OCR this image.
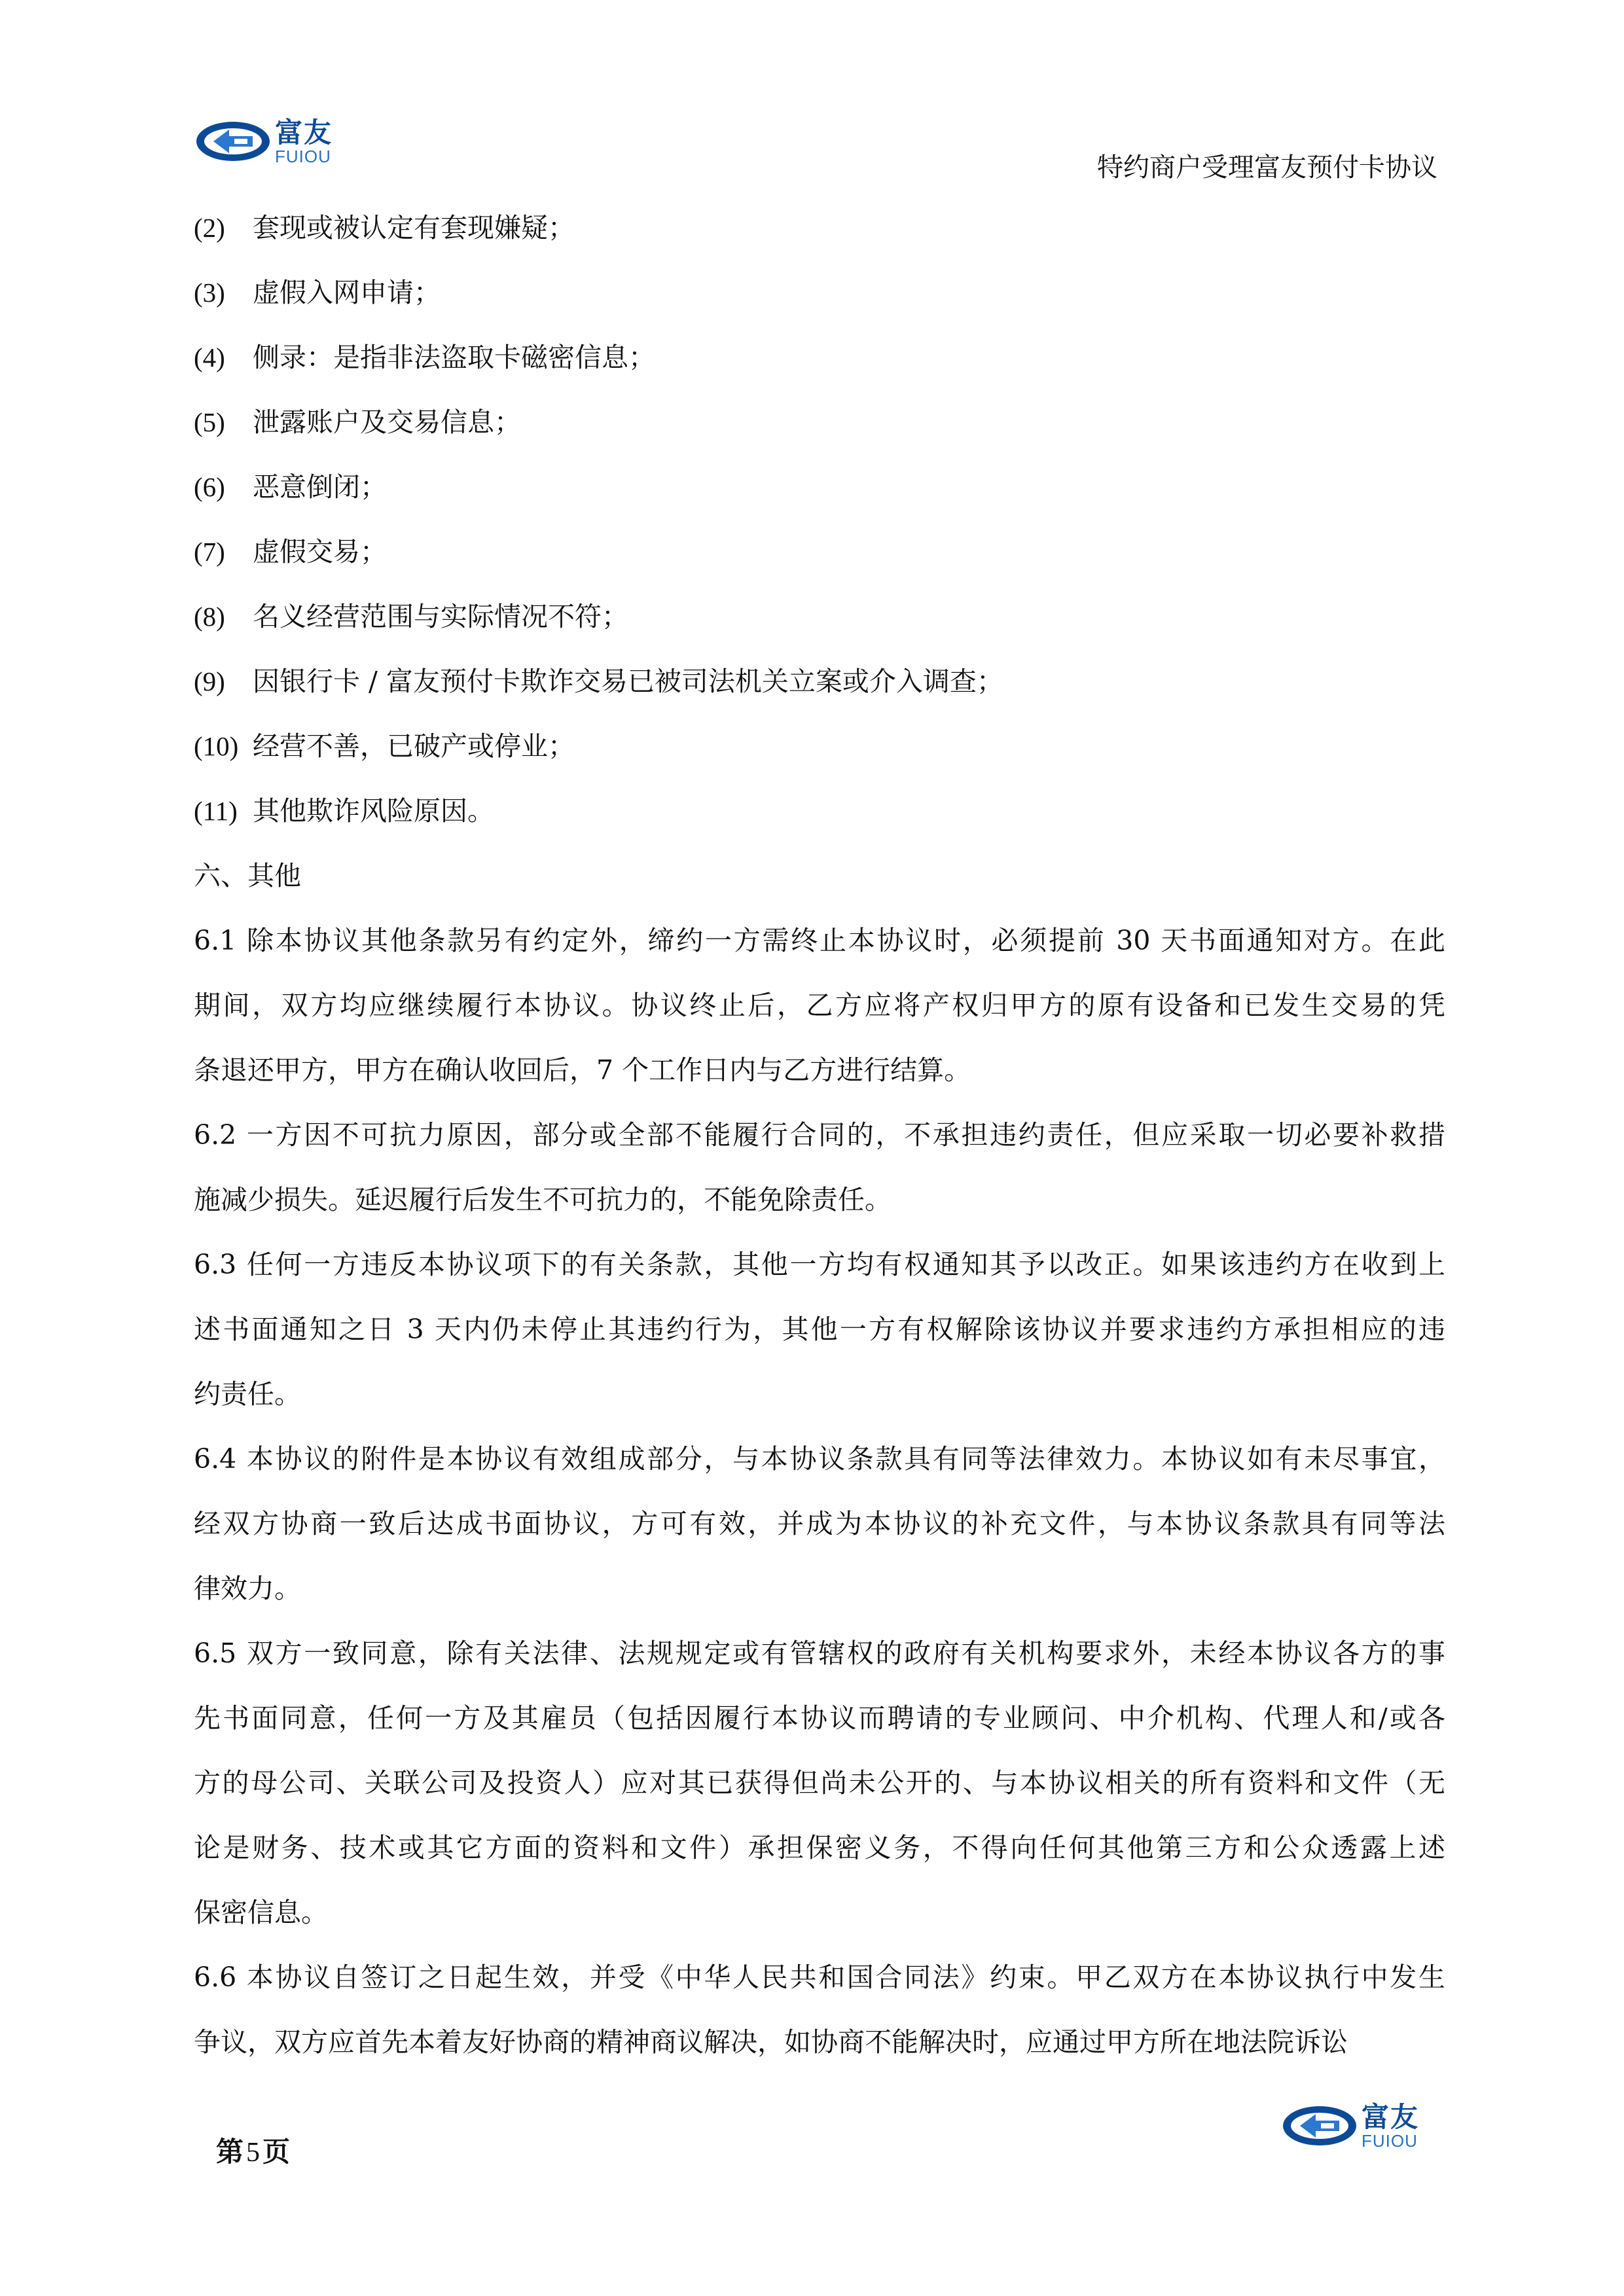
富友
FUIOU	特约商户受理富友预付卡协议
(2) 套现或被认定有套现嫌疑；
(3) 虚假入网申请；
(4) 侧录：是指非法盗取卡磁密信息；
(5) 泄露账户及交易信息；
(6) 恶意倒闭；
(7) 虚假交易；
(8) 名义经营范围与实际情况不符；
(9) 因银行卡 / 富友预付卡欺诈交易已被司法机关立案或介入调查；
(10) 经营不善，已破产或停业；
(11) 其他欺诈风险原因。
六、其他
6.1 除本协议其他条款另有约定外，缔约一方需终止本协议时，必须提前 30 天书面通知对方。在此
期间，双方均应继续履行本协议。协议终止后，乙方应将产权归甲方的原有设备和已发生交易的凭
条退还甲方，甲方在确认收回后，7 个工作日内与乙方进行结算。
6.2 一方因不可抗力原因，部分或全部不能履行合同的，不承担违约责任，但应采取一切必要补救措
施减少损失。延迟履行后发生不可抗力的，不能免除责任。
6.3 任何一方违反本协议项下的有关条款，其他一方均有权通知其予以改正。如果该违约方在收到上
述书面通知之日 3 天内仍未停止其违约行为，其他一方有权解除该协议并要求违约方承担相应的违
约责任。
6.4 本协议的附件是本协议有效组成部分，与本协议条款具有同等法律效力。本协议如有未尽事宜，
经双方协商一致后达成书面协议，方可有效，并成为本协议的补充文件，与本协议条款具有同等法
律效力。
6.5 双方一致同意，除有关法律、法规规定或有管辖权的政府有关机构要求外，未经本协议各方的事
先书面同意，任何一方及其雇员（包括因履行本协议而聘请的专业顾问、中介机构、代理人和/或各
方的母公司、关联公司及投资人）应对其已获得但尚未公开的、与本协议相关的所有资料和文件（无
论是财务、技术或其它方面的资料和文件）承担保密义务，不得向任何其他第三方和公众透露上述
保密信息。
6.6 本协议自签订之日起生效，并受《中华人民共和国合同法》约束。甲乙双方在本协议执行中发生
争议，双方应首先本着友好协商的精神商议解决，如协商不能解决时，应通过甲方所在地法院诉讼
第5页
富友
FUIOU
